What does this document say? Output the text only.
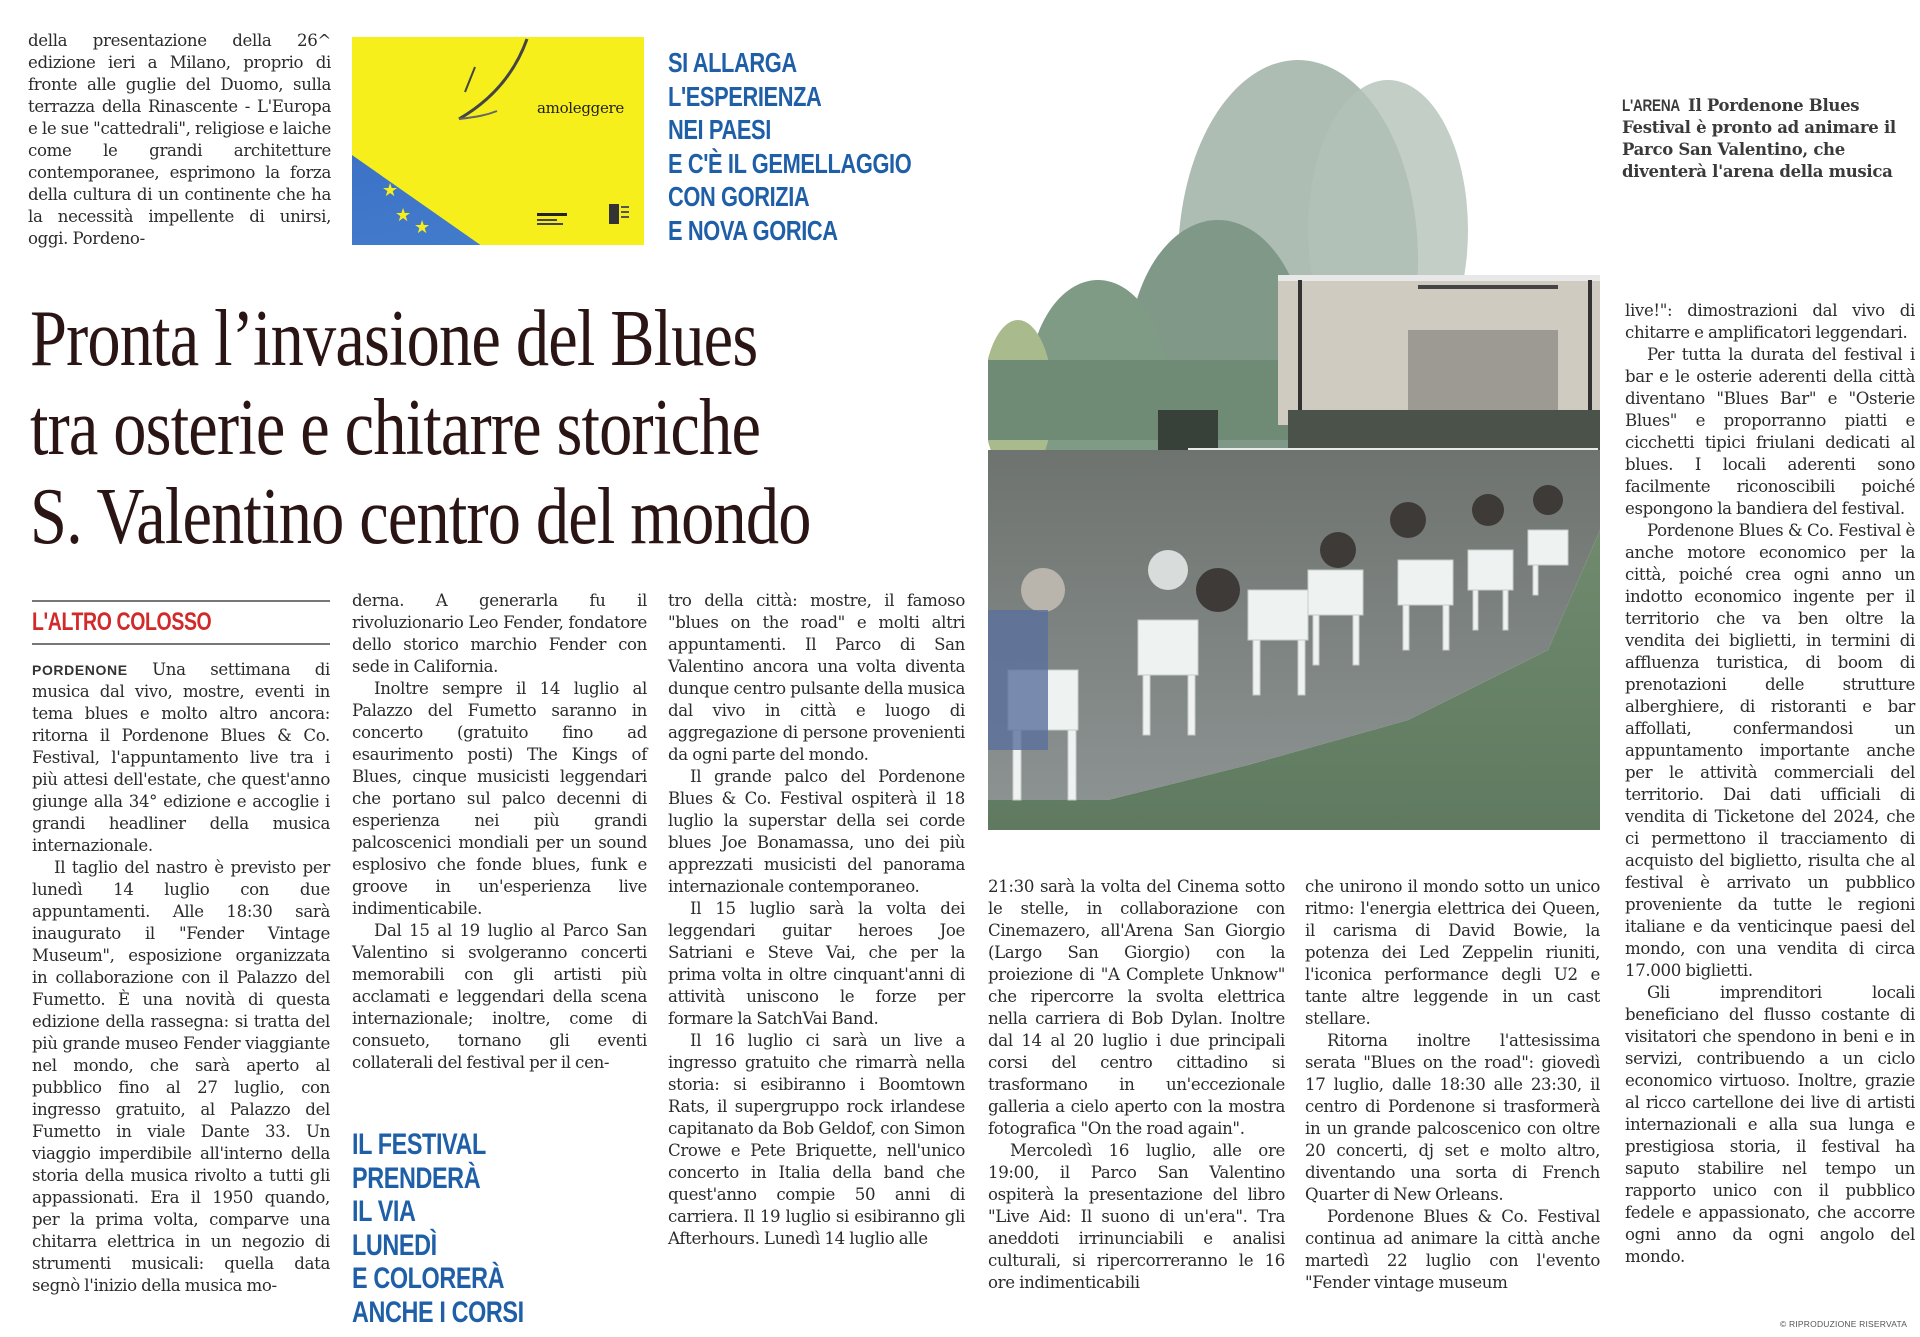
della presentazione della 26^ edizione ieri a Milano, proprio di fronte alle guglie del Duomo, sulla terrazza della Rinascente - L'Europa e le sue "cattedrali", religiose e laiche come le grandi architetture contemporanee, esprimono la forza della cultura di un continente che ha la necessità impellente di unirsi, oggi. Pordeno-

★
★
★
★
amoleggere
SI ALLARGA
L'ESPERIENZA
NEI PAESI
E C'È IL GEMELLAGGIO
CON GORIZIA
E NOVA GORICA
L'ARENA Il Pordenone Blues Festival è pronto ad animare il Parco San Valentino, che diventerà l'arena della musica
Pronta l’invasione del Blues
tra osterie e chitarre storiche
S. Valentino centro del mondo
L'ALTRO COLOSSO

PORDENONE Una settimana di musica dal vivo, mostre, eventi in tema blues e molto altro ancora: ritorna il Pordenone Blues & Co. Festival, l'appuntamento live tra i più attesi dell'estate, che quest'anno giunge alla 34° edizione e accoglie i grandi headliner della musica internazionale.

Il taglio del nastro è previsto per lunedì 14 luglio con due appuntamenti. Alle 18:30 sarà inaugurato il "Fender Vintage Museum", esposizione organizzata in collaborazione con il Palazzo del Fumetto. È una novità di questa edizione della rassegna: si tratta del più grande museo Fender viaggiante nel mondo, che sarà aperto al pubblico fino al 27 luglio, con ingresso gratuito, al Palazzo del Fumetto in viale Dante 33. Un viaggio imperdibile all'interno della storia della musica rivolto a tutti gli appassionati. Era il 1950 quando, per la prima volta, comparve una chitarra elettrica in un negozio di strumenti musicali: quella data segnò l'inizio della musica mo-

derna. A generarla fu il rivoluzionario Leo Fender, fondatore dello storico marchio Fender con sede in California.

Inoltre sempre il 14 luglio al Palazzo del Fumetto saranno in concerto (gratuito fino ad esaurimento posti) The Kings of Blues, cinque musicisti leggendari che portano sul palco decenni di esperienza nei più grandi palcoscenici mondiali per un sound esplosivo che fonde blues, funk e groove in un'esperienza live indimenticabile.

Dal 15 al 19 luglio al Parco San Valentino si svolgeranno concerti memorabili con gli artisti più acclamati e leggendari della scena internazionale; inoltre, come di consueto, tornano gli eventi collaterali del festival per il cen-

IL FESTIVAL
PRENDERÀ
IL VIA
LUNEDÌ
E COLORERÀ
ANCHE I CORSI

tro della città: mostre, il famoso "blues on the road" e molti altri appuntamenti. Il Parco di San Valentino ancora una volta diventa dunque centro pulsante della musica dal vivo in città e luogo di aggregazione di persone provenienti da ogni parte del mondo.

Il grande palco del Pordenone Blues & Co. Festival ospiterà il 18 luglio la superstar della sei corde blues Joe Bonamassa, uno dei più apprezzati musicisti del panorama internazionale contemporaneo.

Il 15 luglio sarà la volta dei leggendari guitar heroes Joe Satriani e Steve Vai, che per la prima volta in oltre cinquant'anni di attività uniscono le forze per formare la SatchVai Band.

Il 16 luglio ci sarà un live a ingresso gratuito che rimarrà nella storia: si esibiranno i Boomtown Rats, il supergruppo rock irlandese capitanato da Bob Geldof, con Simon Crowe e Pete Briquette, nell'unico concerto in Italia della band che quest'anno compie 50 anni di carriera. Il 19 luglio si esibiranno gli Afterhours. Lunedì 14 luglio alle

21:30 sarà la volta del Cinema sotto le stelle, in collaborazione con Cinemazero, all'Arena San Giorgio (Largo San Giorgio) con la proiezione di "A Complete Unknow" che ripercorre la svolta elettrica nella carriera di Bob Dylan. Inoltre dal 14 al 20 luglio i due principali corsi del centro cittadino si trasformano in un'eccezionale galleria a cielo aperto con la mostra fotografica "On the road again".

Mercoledì 16 luglio, alle ore 19:00, il Parco San Valentino ospiterà la presentazione del libro "Live Aid: Il suono di un'era". Tra aneddoti irrinunciabili e analisi culturali, si ripercorreranno le 16 ore indimenticabili

che unirono il mondo sotto un unico ritmo: l'energia elettrica dei Queen, il carisma di David Bowie, la potenza dei Led Zeppelin riuniti, l'iconica performance degli U2 e tante altre leggende in un cast stellare.

Ritorna inoltre l'attesissima serata "Blues on the road": giovedì 17 luglio, dalle 18:30 alle 23:30, il centro di Pordenone si trasformerà in un grande palcoscenico con oltre 20 concerti, dj set e molto altro, diventando una sorta di French Quarter di New Orleans.

Pordenone Blues & Co. Festival continua ad animare la città anche martedì 22 luglio con l'evento "Fender vintage museum

live!": dimostrazioni dal vivo di chitarre e amplificatori leggendari.

Per tutta la durata del festival i bar e le osterie aderenti della città diventano "Blues Bar" e "Osterie Blues" e proporranno piatti e cicchetti tipici friulani dedicati al blues. I locali aderenti sono facilmente riconoscibili poiché espongono la bandiera del festival.

Pordenone Blues & Co. Festival è anche motore economico per la città, poiché crea ogni anno un indotto economico ingente per il territorio che va ben oltre la vendita dei biglietti, in termini di affluenza turistica, di boom di prenotazioni delle strutture alberghiere, di ristoranti e bar affollati, confermandosi un appuntamento importante anche per le attività commerciali del territorio. Dai dati ufficiali di vendita di Ticketone del 2024, che ci permettono il tracciamento di acquisto del biglietto, risulta che al festival è arrivato un pubblico proveniente da tutte le regioni italiane e da venticinque paesi del mondo, con una vendita di circa 17.000 biglietti.

Gli imprenditori locali beneficiano del flusso costante di visitatori che spendono in beni e in servizi, contribuendo a un ciclo economico virtuoso. Inoltre, grazie al ricco cartellone dei live di artisti internazionali e alla sua lunga e prestigiosa storia, il festival ha saputo stabilire nel tempo un rapporto unico con il pubblico fedele e appassionato, che accorre ogni anno da ogni angolo del mondo.

© RIPRODUZIONE RISERVATA
